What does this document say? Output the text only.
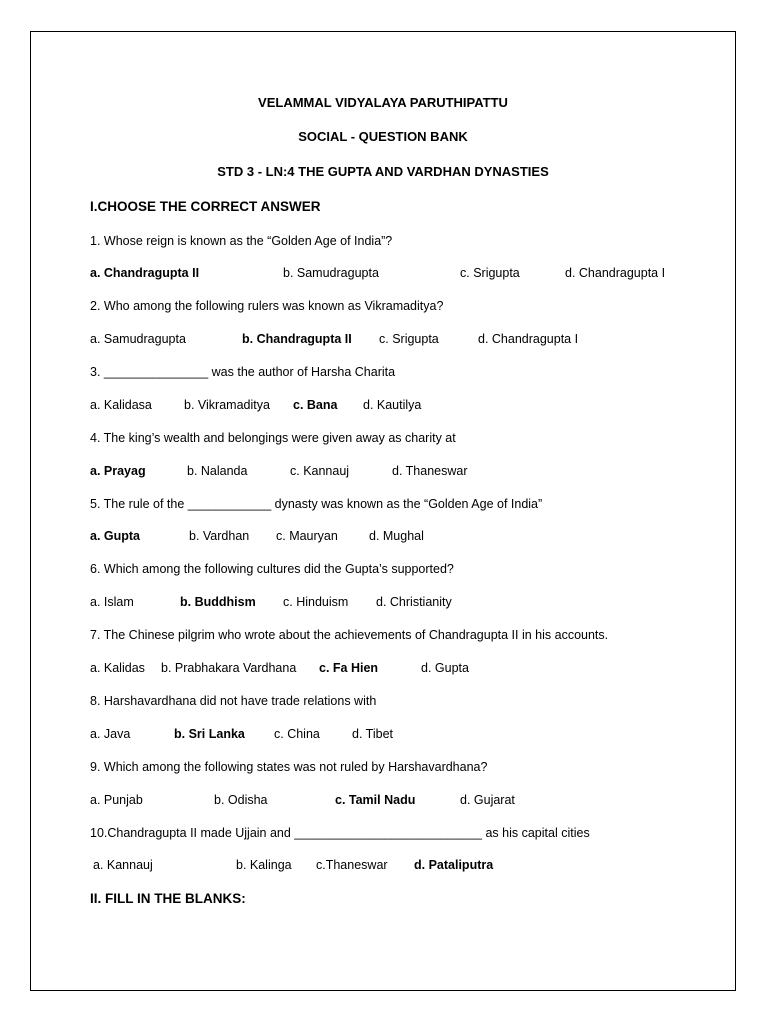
VELAMMAL VIDYALAYA PARUTHIPATTU
SOCIAL - QUESTION BANK
STD 3 - LN:4 THE GUPTA AND VARDHAN DYNASTIES
I.CHOOSE THE CORRECT ANSWER
1. Whose reign is known as the “Golden Age of India”?
a. Chandragupta II	b. Samudragupta	c. Srigupta	d. Chandragupta I
2. Who among the following rulers was known as Vikramaditya?
a. Samudragupta	b. Chandragupta II c. Srigupta	d. Chandragupta I
3. _______________ was the author of Harsha Charita
a. Kalidasa	b. Vikramaditya c. Bana d. Kautilya
4. The king’s wealth and belongings were given away as charity at
a. Prayag	b. Nalanda	c. Kannauj	d. Thaneswar
5. The rule of the ____________ dynasty was known as the “Golden Age of India”
a. Gupta	b. Vardhan c. Mauryan d. Mughal
6. Which among the following cultures did the Gupta’s supported?
a. Islam	b. Buddhism c. Hinduism d. Christianity
7. The Chinese pilgrim who wrote about the achievements of Chandragupta II in his accounts.
a. Kalidas b. Prabhakara Vardhana c. Fa Hien	d. Gupta
8. Harshavardhana did not have trade relations with
a. Java	b. Sri Lanka c. China	d. Tibet
9. Which among the following states was not ruled by Harshavardhana?
a. Punjab	b. Odisha	c. Tamil Nadu	d. Gujarat
10.Chandragupta II made Ujjain and ___________________________ as his capital cities
a. Kannauj	b. Kalinga c.Thaneswar d. Pataliputra
II. FILL IN THE BLANKS:
